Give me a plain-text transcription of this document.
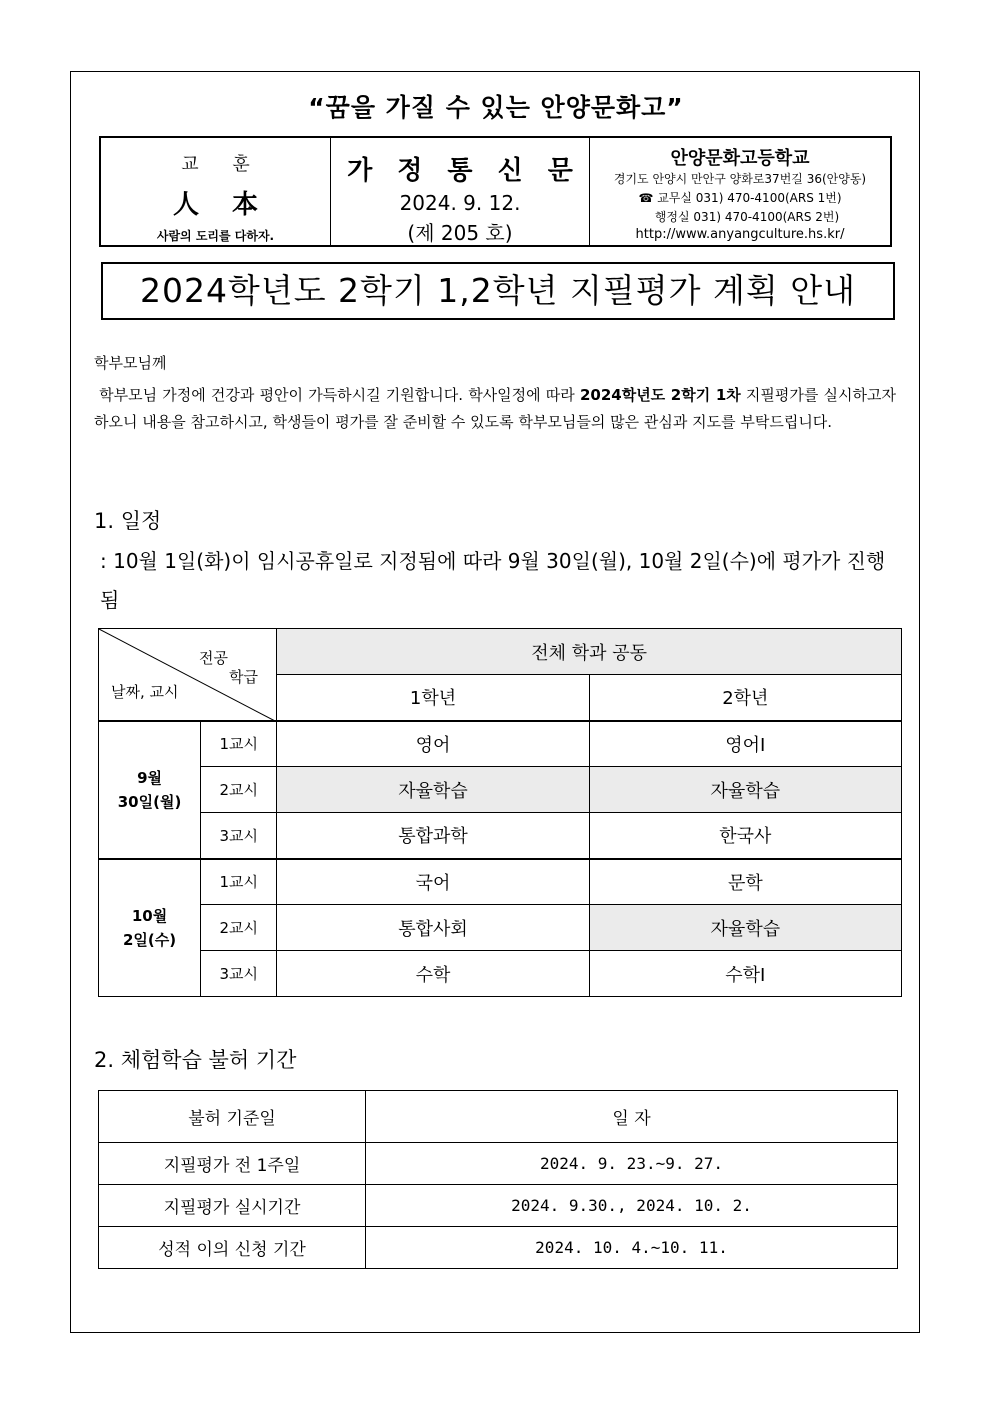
“꿈을 가질 수 있는 안양문화고”
교 훈
人 本
사람의 도리를 다하자.
가 정 통 신 문
2024. 9. 12.
(제 205 호)
안양문화고등학교
경기도 안양시 만안구 양화로37번길 36(안양동)
☎ 교무실 031) 470-4100(ARS 1번)
행정실 031) 470-4100(ARS 2번)
http://www.anyangculture.hs.kr/
2024학년도 2학기 1,2학년 지필평가 계획 안내
학부모님께
학부모님 가정에 건강과 평안이 가득하시길 기원합니다. 학사일정에 따라 2024학년도 2학기 1차 지필평가를 실시하고자 하오니 내용을 참고하시고, 학생들이 평가를 잘 준비할 수 있도록 학부모님들의 많은 관심과 지도를 부탁드립니다.
1. 일정
: 10월 1일(화)이 임시공휴일로 지정됨에 따라 9월 30일(월), 10월 2일(수)에 평가가 진행됨
전공
학급
날짜, 교시		전체 학과 공동	
		1학년	2학년

9월
30일(월)	1교시	영어	영어Ⅰ
	2교시	자율학습	자율학습
	3교시	통합과학	한국사

10월
2일(수)	1교시	국어	문학
	2교시	통합사회	자율학습
	3교시	수학	수학Ⅰ
2. 체험학습 불허 기간
불허 기준일	일 자
지필평가 전 1주일	2024. 9. 23.~9. 27.
지필평가 실시기간	2024. 9.30., 2024. 10. 2.
성적 이의 신청 기간	2024. 10. 4.~10. 11.
